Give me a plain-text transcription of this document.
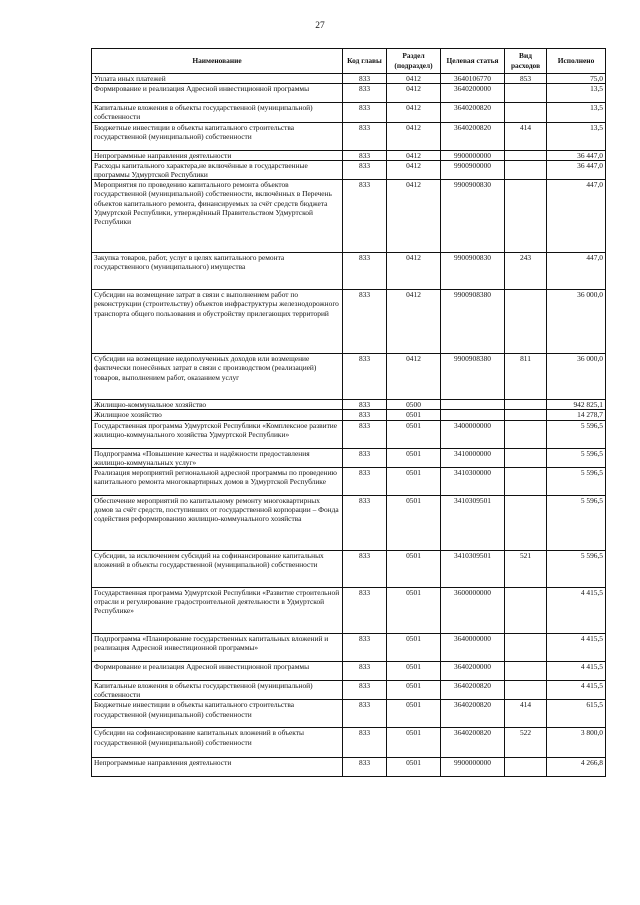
27
Наименование	Код главы	Раздел (подраздел)	Целевая статья	Вид расходов	Исполнено
Уплата иных платежей	833	0412	3640106770	853	75,0
Формирование и реализация Адресной инвестиционной программы	833	0412	3640200000		13,5
Капитальные вложения в объекты государственной (муниципальной) собственности	833	0412	3640200820		13,5
Бюджетные инвестиции в объекты капитального строительства государственной (муниципальной) собственности	833	0412	3640200820	414	13,5
Непрограммные направления деятельности	833	0412	9900000000		36 447,0
Расходы капитального характера,не включённые в государственные программы Удмуртской Республики	833	0412	9900900000		36 447,0
Мероприятия по проведению капитального ремонта объектов государственной (муниципальной) собственности, включённых в Перечень объектов капитального ремонта, финансируемых за счёт средств бюджета Удмуртской Республики, утверждённый Правительством Удмуртской Республики	833	0412	9900900830		447,0
Закупка товаров, работ, услуг в целях капитального ремонта государственного (муниципального) имущества	833	0412	9900900830	243	447,0
Субсидии на возмещение затрат в связи с выполнением работ по реконструкции (строительству) объектов инфраструктуры железнодорожного транспорта общего пользования и обустройству прилегающих территорий	833	0412	9900908380		36 000,0
Субсидии на возмещение недополученных доходов или возмещение фактически понесённых затрат в связи с производством (реализацией) товаров, выполнением работ, оказанием услуг	833	0412	9900908380	811	36 000,0
Жилищно-коммунальное хозяйство	833	0500			942 825,1
Жилищное хозяйство	833	0501			14 278,7
Государственная программа Удмуртской Республики «Комплексное развитие жилищно-коммунального хозяйства Удмуртской Республики»	833	0501	3400000000		5 596,5
Подпрограмма «Повышение качества и надёжности предоставления жилищно-коммунальных услуг»	833	0501	3410000000		5 596,5
Реализация мероприятий региональной адресной программы по проведению капитального ремонта многоквартирных домов в Удмуртской Республике	833	0501	3410300000		5 596,5
Обеспечение мероприятий по капитальному ремонту многоквартирных домов за счёт средств, поступивших от государственной корпорации – Фонда содействия реформированию жилищно-коммунального хозяйства	833	0501	3410309501		5 596,5
Субсидии, за исключением субсидий на софинансирование капитальных вложений в объекты государственной (муниципальной) собственности	833	0501	3410309501	521	5 596,5
Государственная программа Удмуртской Республики «Развитие строительной отрасли и регулирование градостроительной деятельности в Удмуртской Республике»	833	0501	3600000000		4 415,5
Подпрограмма «Планирование государственных капитальных вложений и реализация Адресной инвестиционной программы»	833	0501	3640000000		4 415,5
Формирование и реализация Адресной инвестиционной программы	833	0501	3640200000		4 415,5
Капитальные вложения в объекты государственной (муниципальной) собственности	833	0501	3640200820		4 415,5
Бюджетные инвестиции в объекты капитального строительства государственной (муниципальной) собственности	833	0501	3640200820	414	615,5
Субсидии на софинансирование капитальных вложений в объекты государственной (муниципальной) собственности	833	0501	3640200820	522	3 800,0
Непрограммные направления деятельности	833	0501	9900000000		4 266,8
